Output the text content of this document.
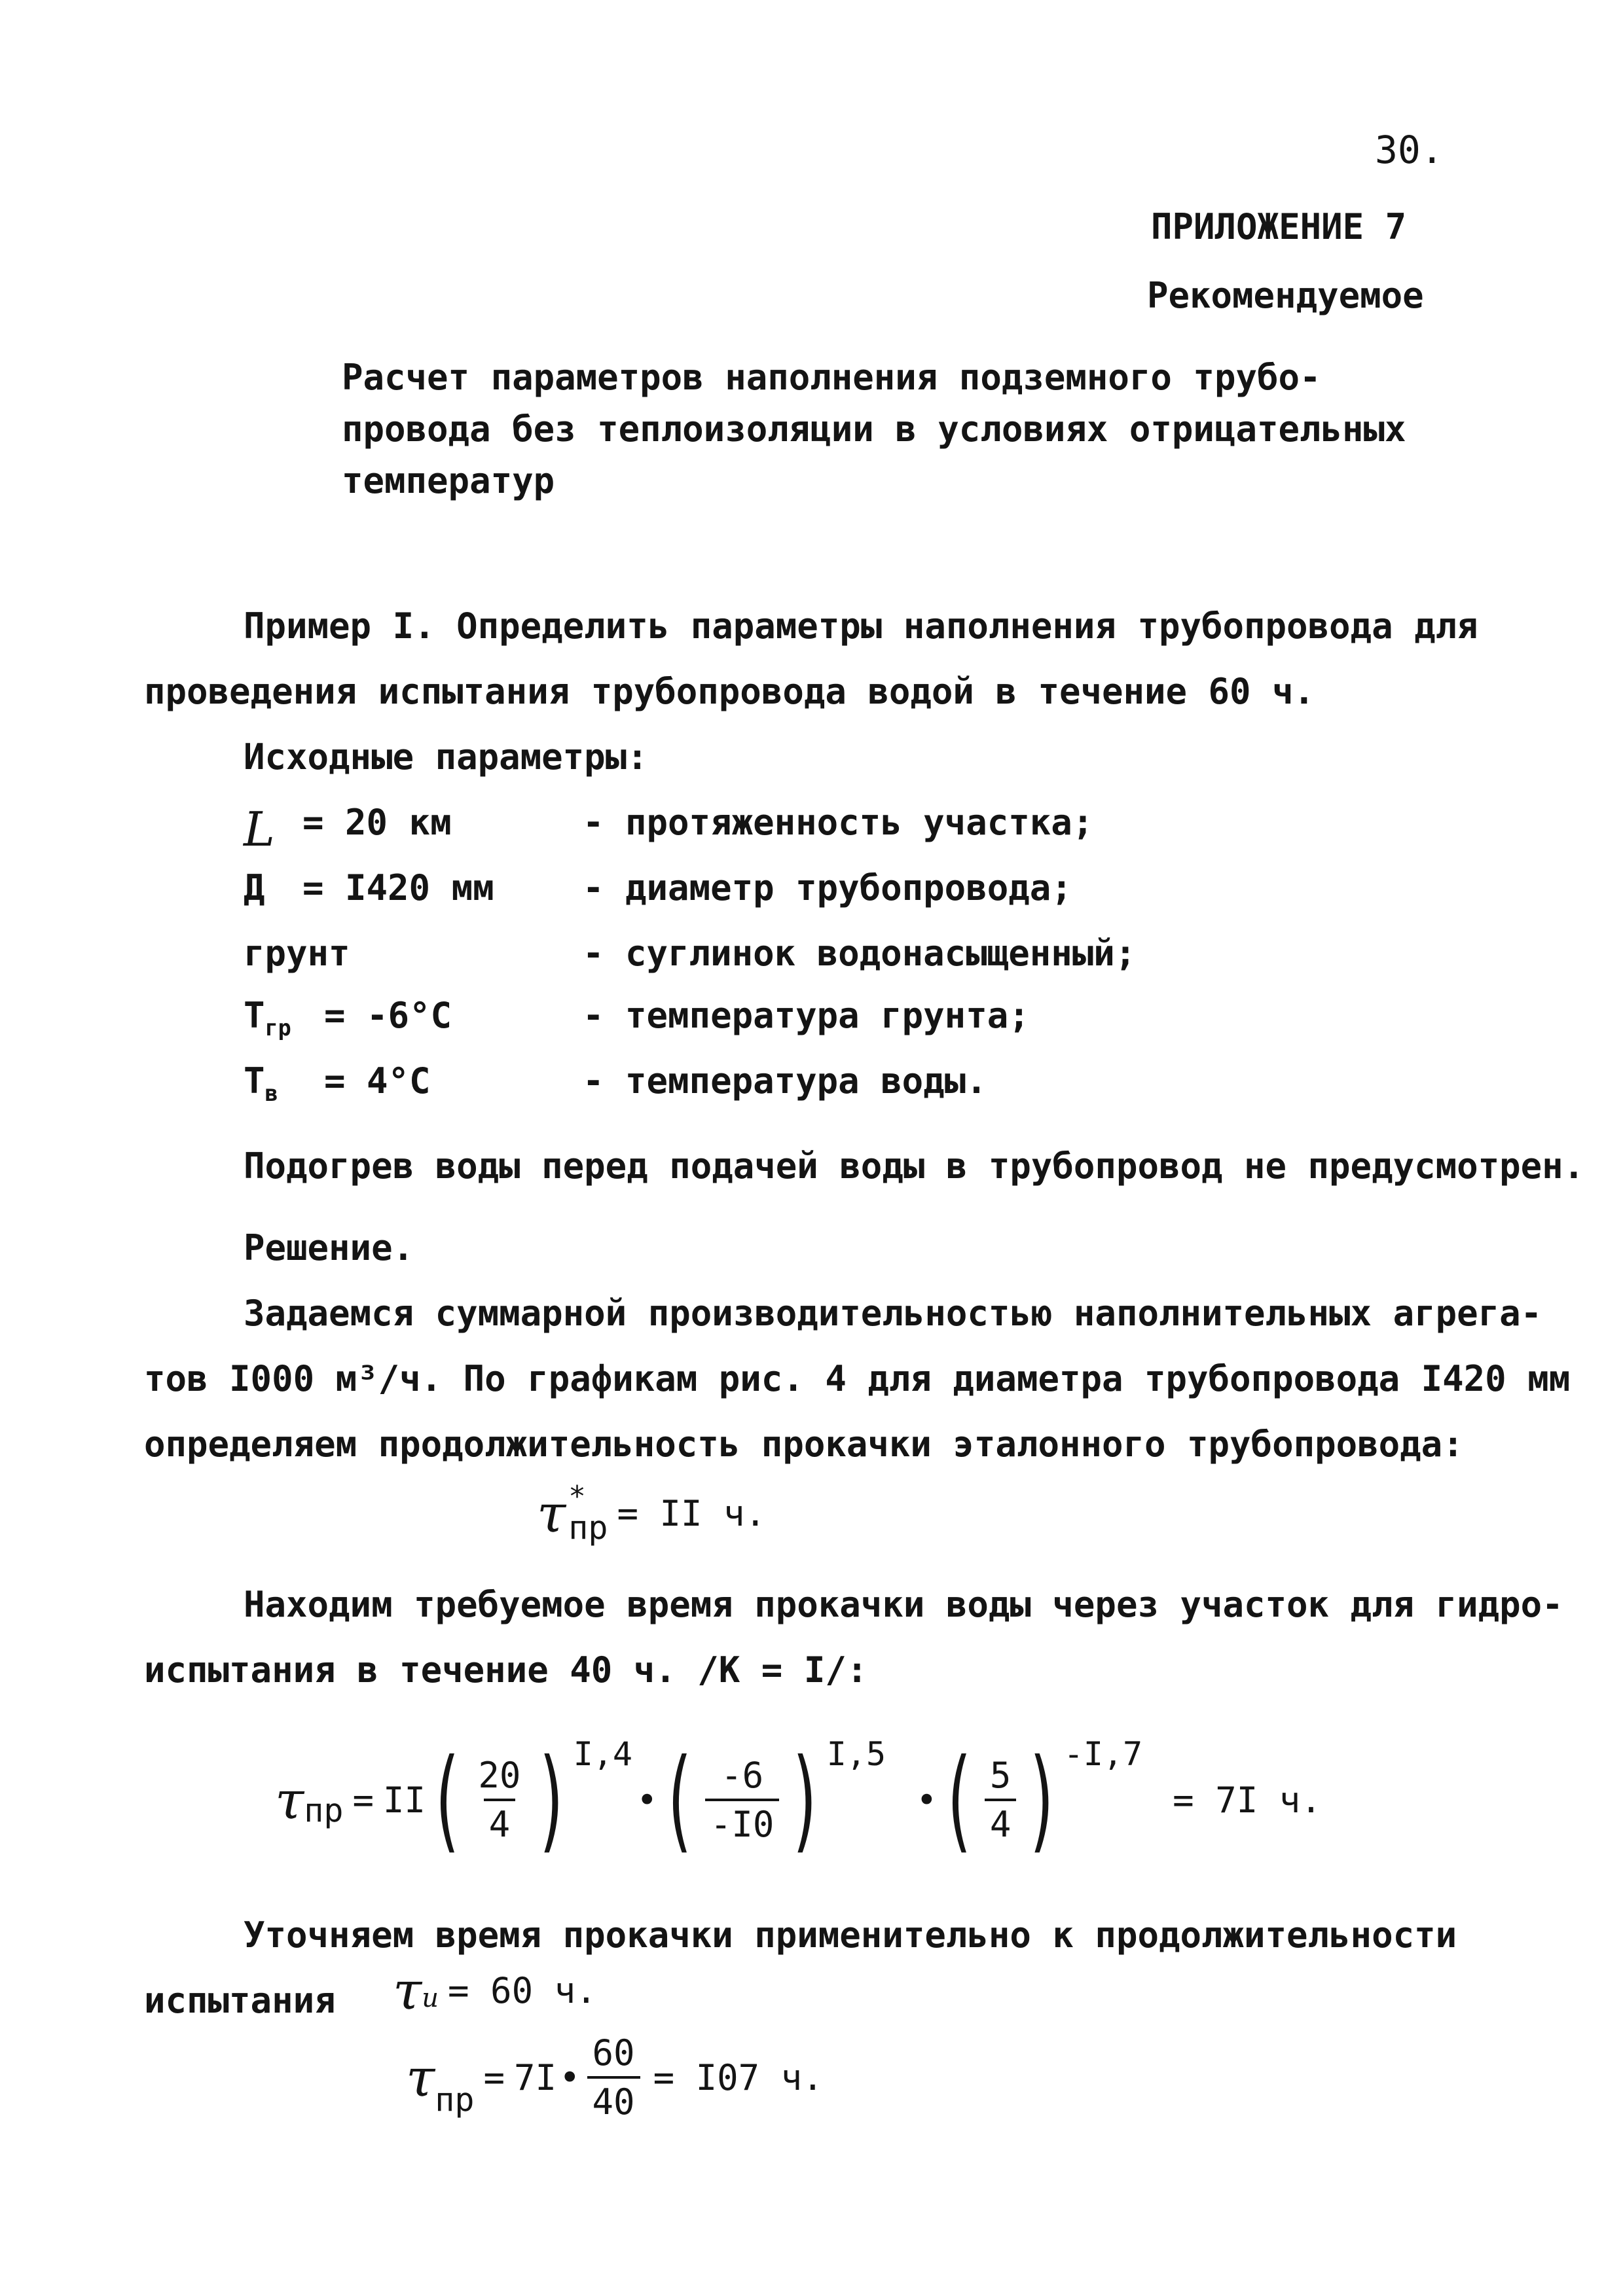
30.
ПРИЛОЖЕНИЕ 7
Рекомендуемое
Расчет параметров наполнения подземного трубо-
провода без теплоизоляции в условиях отрицательных
температур
Пример I. Определить параметры наполнения трубопровода для
проведения испытания трубопровода водой в течение 60 ч.
Исходные параметры:
L = 20 км	- протяженность участка;
Д = I420 мм	- диаметр трубопровода;
грунт	- суглинок водонасыщенный;
$Т_{гр} = -6^\circ С$	- температура грунта;
$Т_в = 4^\circ С$	- температура воды.
Подогрев воды перед подачей воды в трубопровод не предусмотрен.
Решение.
Задаемся суммарной производительностью наполнительных агрега-
тов I000 м³/ч. По графикам рис. 4 для диаметра трубопровода I420 мм
определяем продолжительность прокачки эталонного трубопровода:
τ *
пр = II ч.
Находим требуемое время прокачки воды через участок для гидро-
испытания в течение 40 ч. /К = I/:
τ пр = II ( $\frac{20}{4}$ ) I,4
• ( $\frac{-6}{-I0}$ ) I,5
• ( $\frac{5}{4}$ ) -I,7
= 7I ч.
Уточняем время прокачки применительно к продолжительности
испытания τ и = 60 ч.
τ пр
= 7I • $\frac{60}{40} = I07$ ч.
